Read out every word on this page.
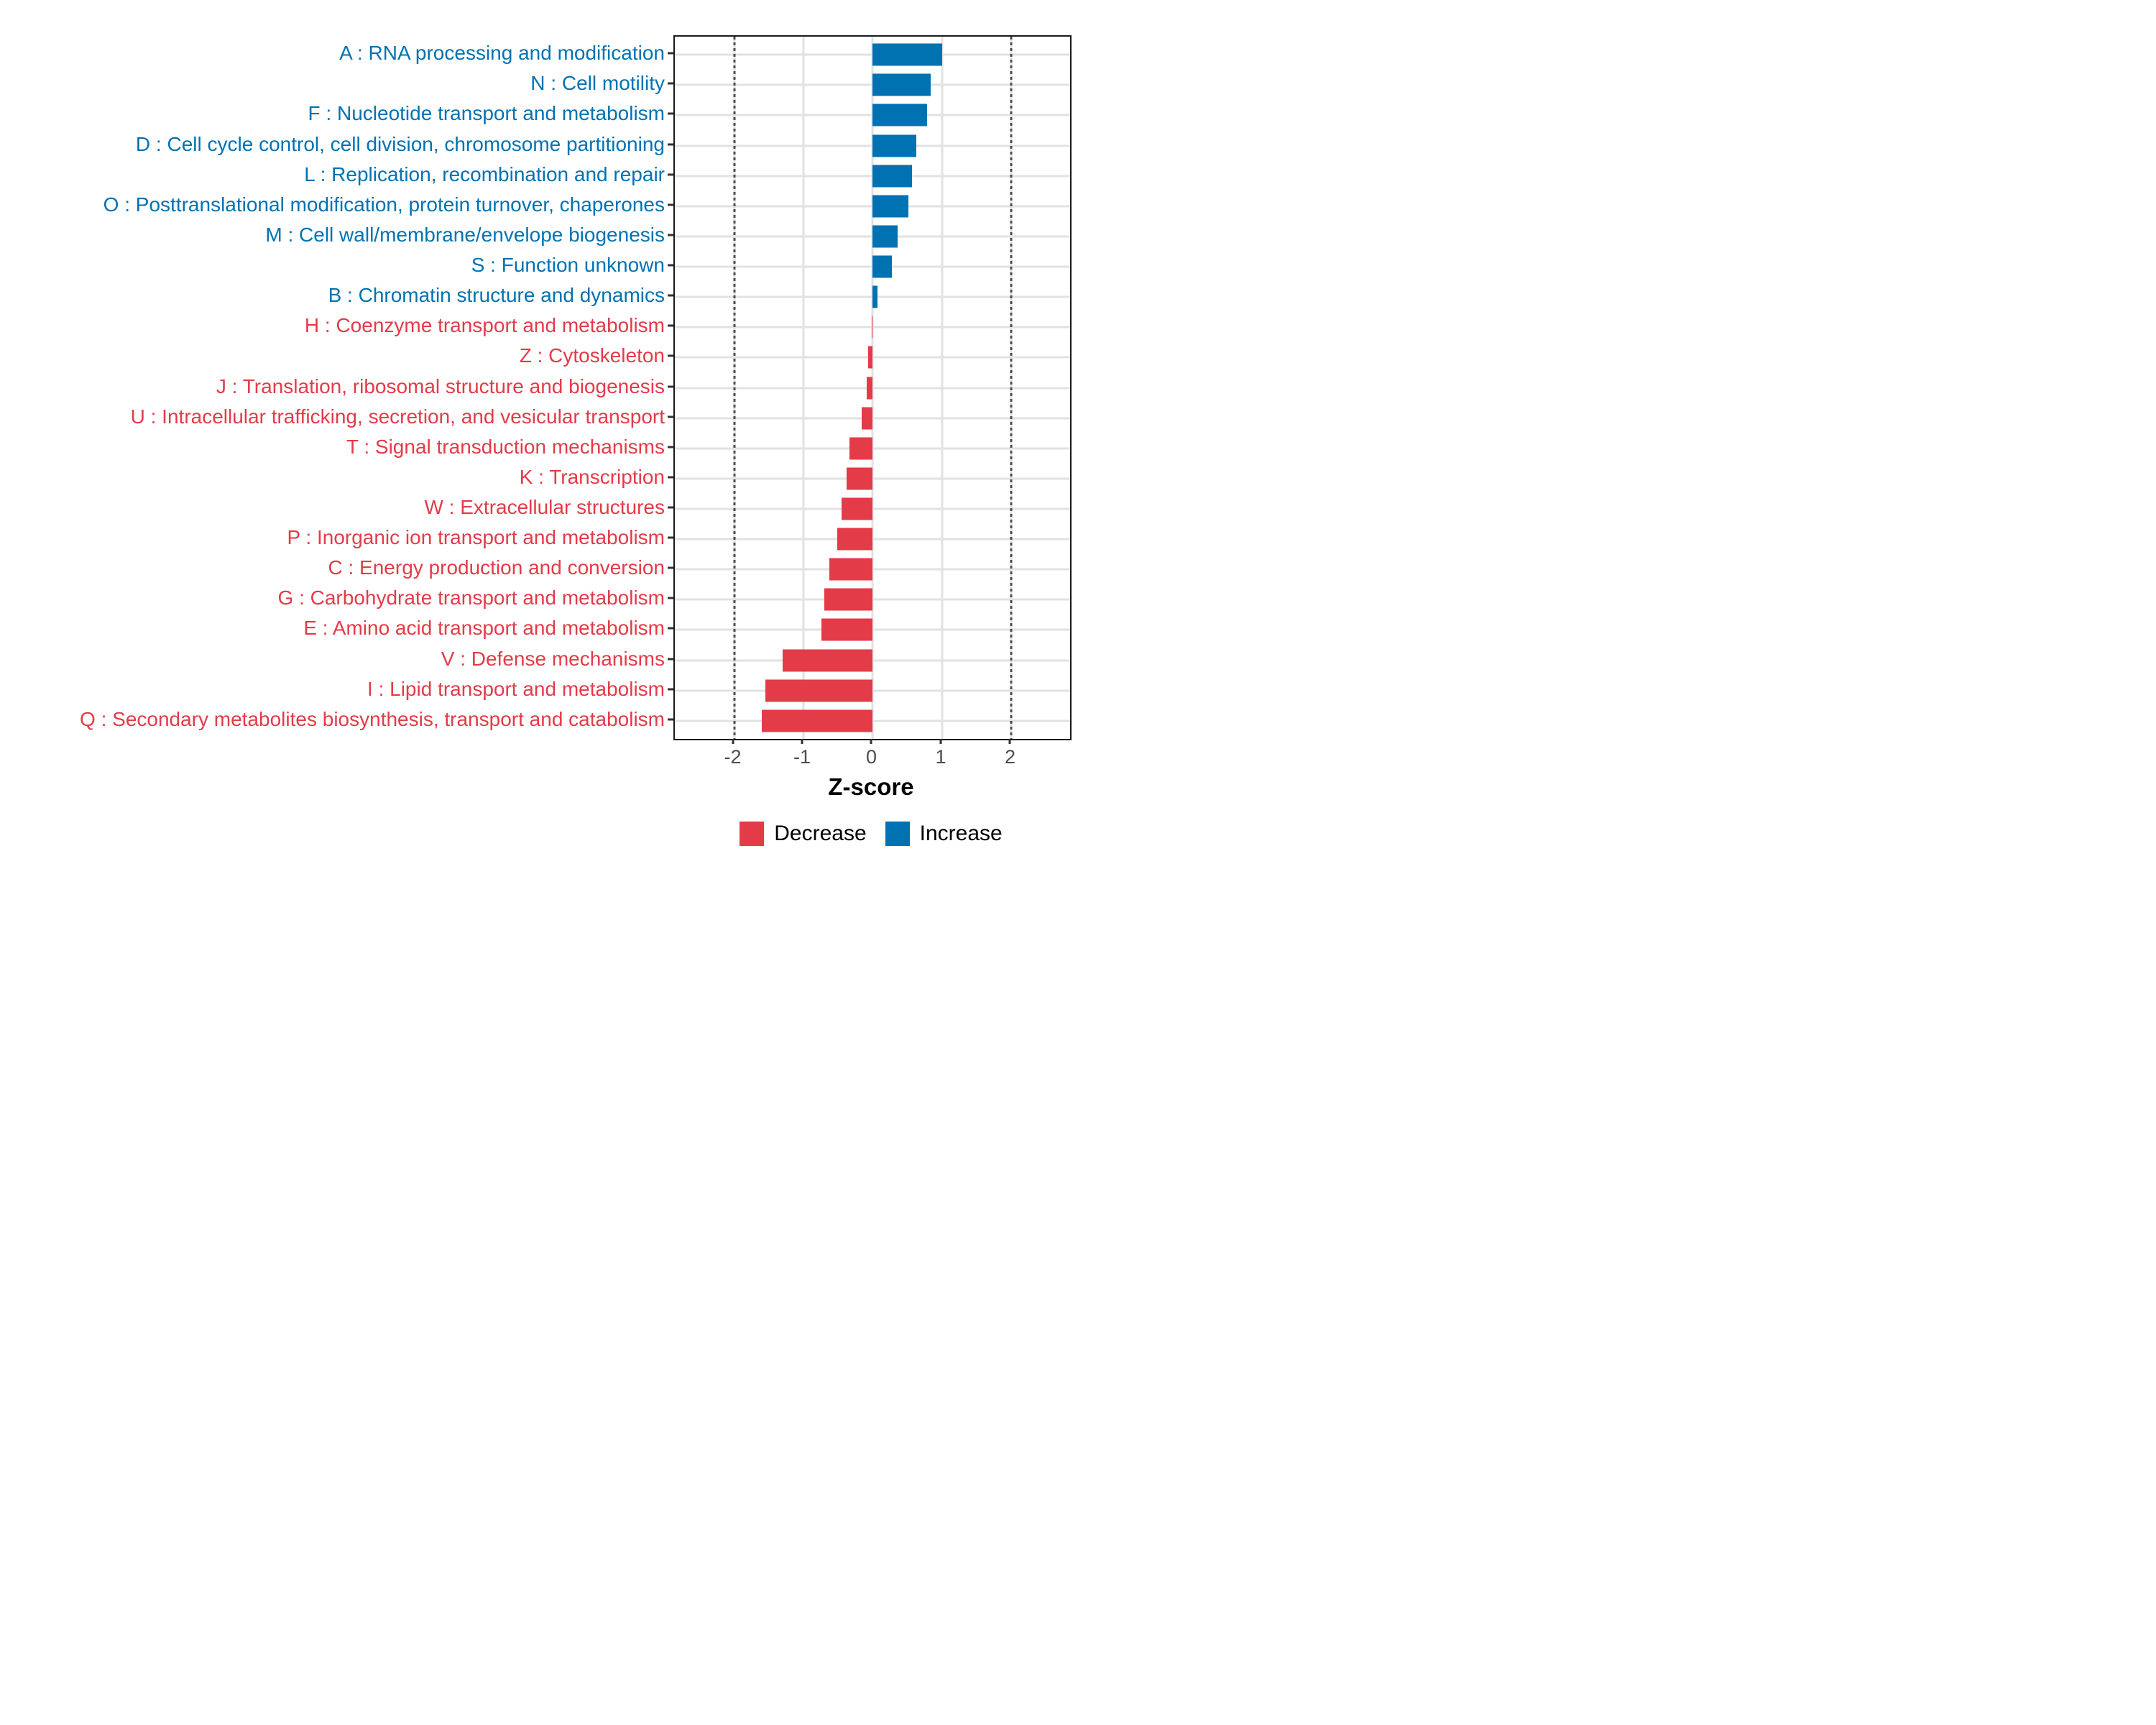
A : RNA processing and modification
N : Cell motility
F : Nucleotide transport and metabolism
D : Cell cycle control, cell division, chromosome partitioning
L : Replication, recombination and repair
O : Posttranslational modification, protein turnover, chaperones
M : Cell wall/membrane/envelope biogenesis
S : Function unknown
B : Chromatin structure and dynamics
H : Coenzyme transport and metabolism
Z : Cytoskeleton
J : Translation, ribosomal structure and biogenesis
U : Intracellular trafficking, secretion, and vesicular transport
T : Signal transduction mechanisms
K : Transcription
W : Extracellular structures
P : Inorganic ion transport and metabolism
C : Energy production and conversion
G : Carbohydrate transport and metabolism
E : Amino acid transport and metabolism
V : Defense mechanisms
I : Lipid transport and metabolism
Q : Secondary metabolites biosynthesis, transport and catabolism
-2	-1	0	1	2
Z-score
Decrease Increase
